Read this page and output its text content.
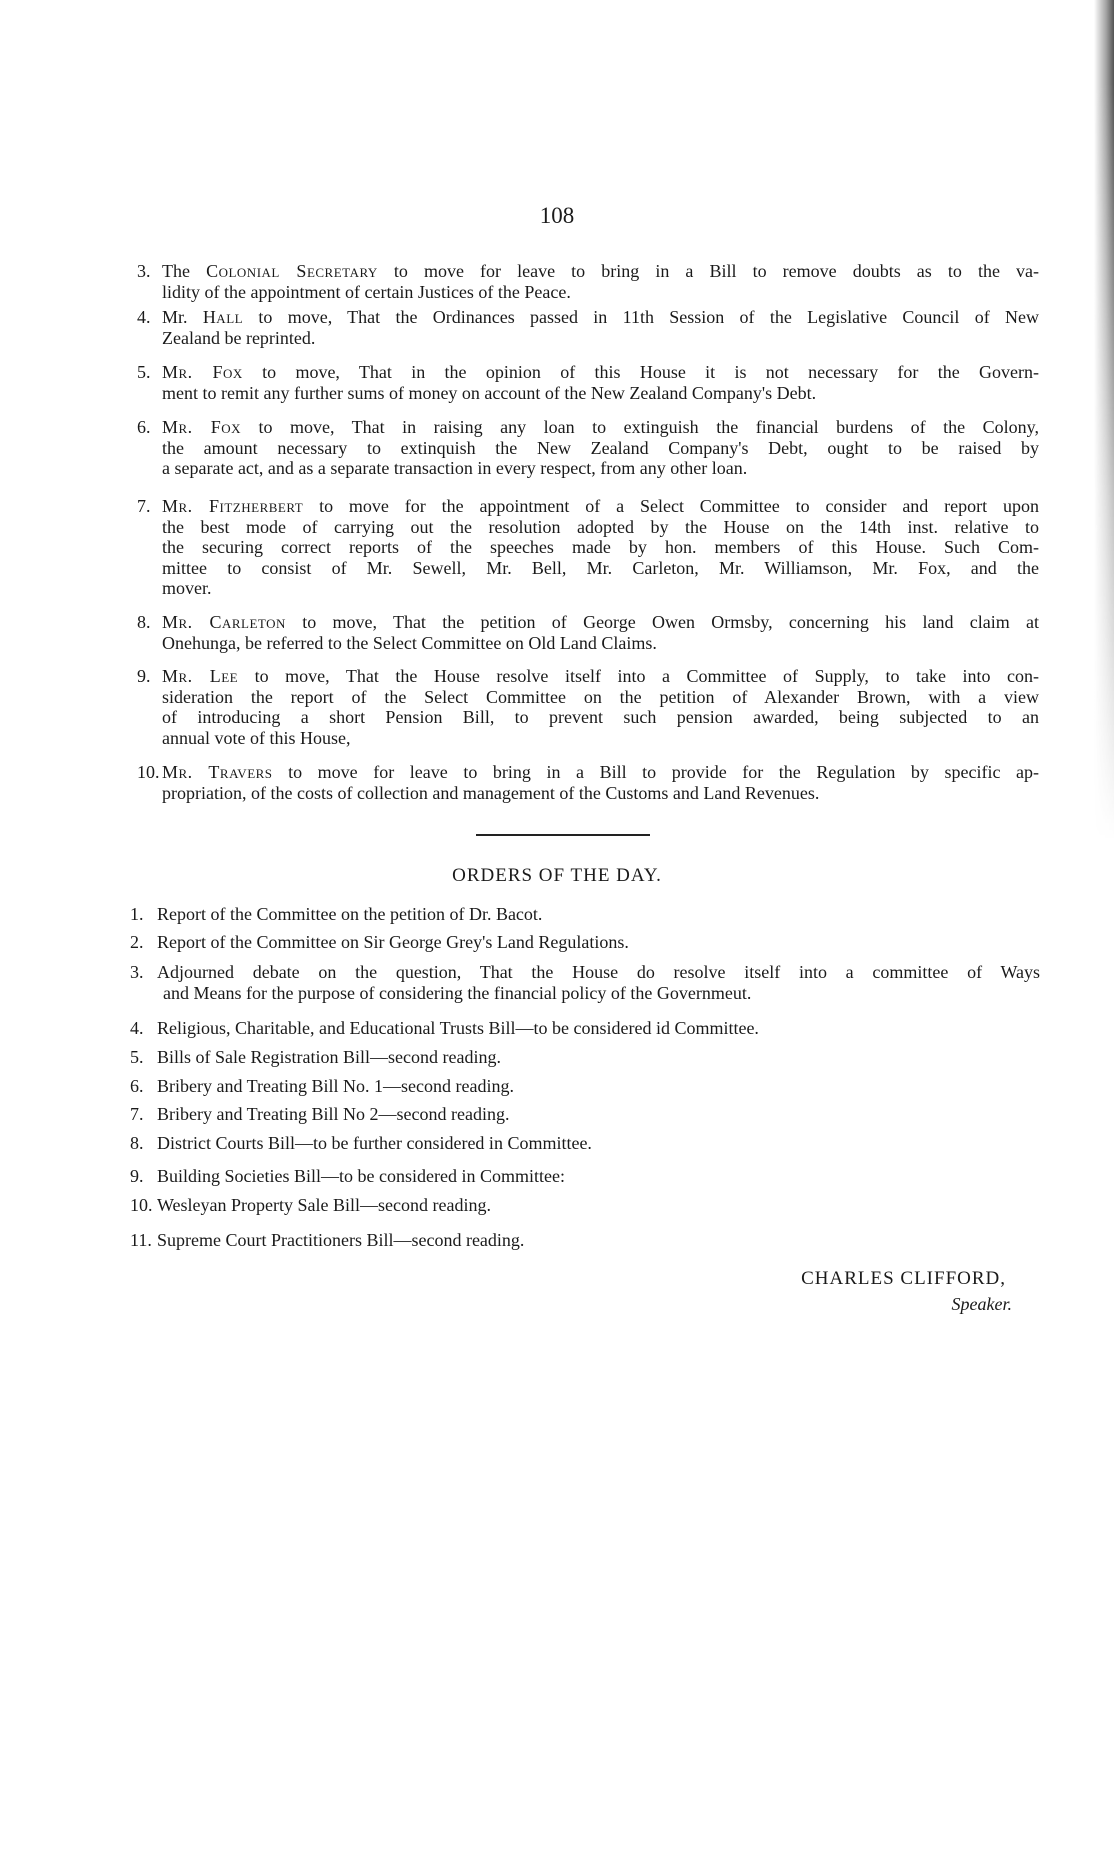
108
3. The Colonial Secretary to move for leave to bring in a Bill to remove doubts as to the va-
lidity of the appointment of certain Justices of the Peace.
4. Mr. Hall to move, That the Ordinances passed in 11th Session of the Legislative Council of New
Zealand be reprinted.
5. Mr. Fox to move, That in the opinion of this House it is not necessary for the Govern-
ment to remit any further sums of money on account of the New Zealand Company's Debt.
6. Mr. Fox to move, That in raising any loan to extinguish the financial burdens of the Colony,
the amount necessary to extinquish the New Zealand Company's Debt, ought to be raised by
a separate act, and as a separate transaction in every respect, from any other loan.
7. Mr. Fitzherbert to move for the appointment of a Select Committee to consider and report upon
the best mode of carrying out the resolution adopted by the House on the 14th inst. relative to
the securing correct reports of the speeches made by hon. members of this House. Such Com-
mittee to consist of Mr. Sewell, Mr. Bell, Mr. Carleton, Mr. Williamson, Mr. Fox, and the
mover.
8. Mr. Carleton to move, That the petition of George Owen Ormsby, concerning his land claim at
Onehunga, be referred to the Select Committee on Old Land Claims.
9. Mr. Lee to move, That the House resolve itself into a Committee of Supply, to take into con-
sideration the report of the Select Committee on the petition of Alexander Brown, with a view
of introducing a short Pension Bill, to prevent such pension awarded, being subjected to an
annual vote of this House,
10. Mr. Travers to move for leave to bring in a Bill to provide for the Regulation by specific ap-
propriation, of the costs of collection and management of the Customs and Land Revenues.
ORDERS OF THE DAY.
1. Report of the Committee on the petition of Dr. Bacot.
2. Report of the Committee on Sir George Grey's Land Regulations.
3. Adjourned debate on the question, That the House do resolve itself into a committee of Ways
and Means for the purpose of considering the financial policy of the Governmeut.
4. Religious, Charitable, and Educational Trusts Bill—to be considered id Committee.
5. Bills of Sale Registration Bill—second reading.
6. Bribery and Treating Bill No. 1—second reading.
7. Bribery and Treating Bill No 2—second reading.
8. District Courts Bill—to be further considered in Committee.
9. Building Societies Bill—to be considered in Committee:
10. Wesleyan Property Sale Bill—second reading.
11. Supreme Court Practitioners Bill—second reading.
CHARLES CLIFFORD,
Speaker.
